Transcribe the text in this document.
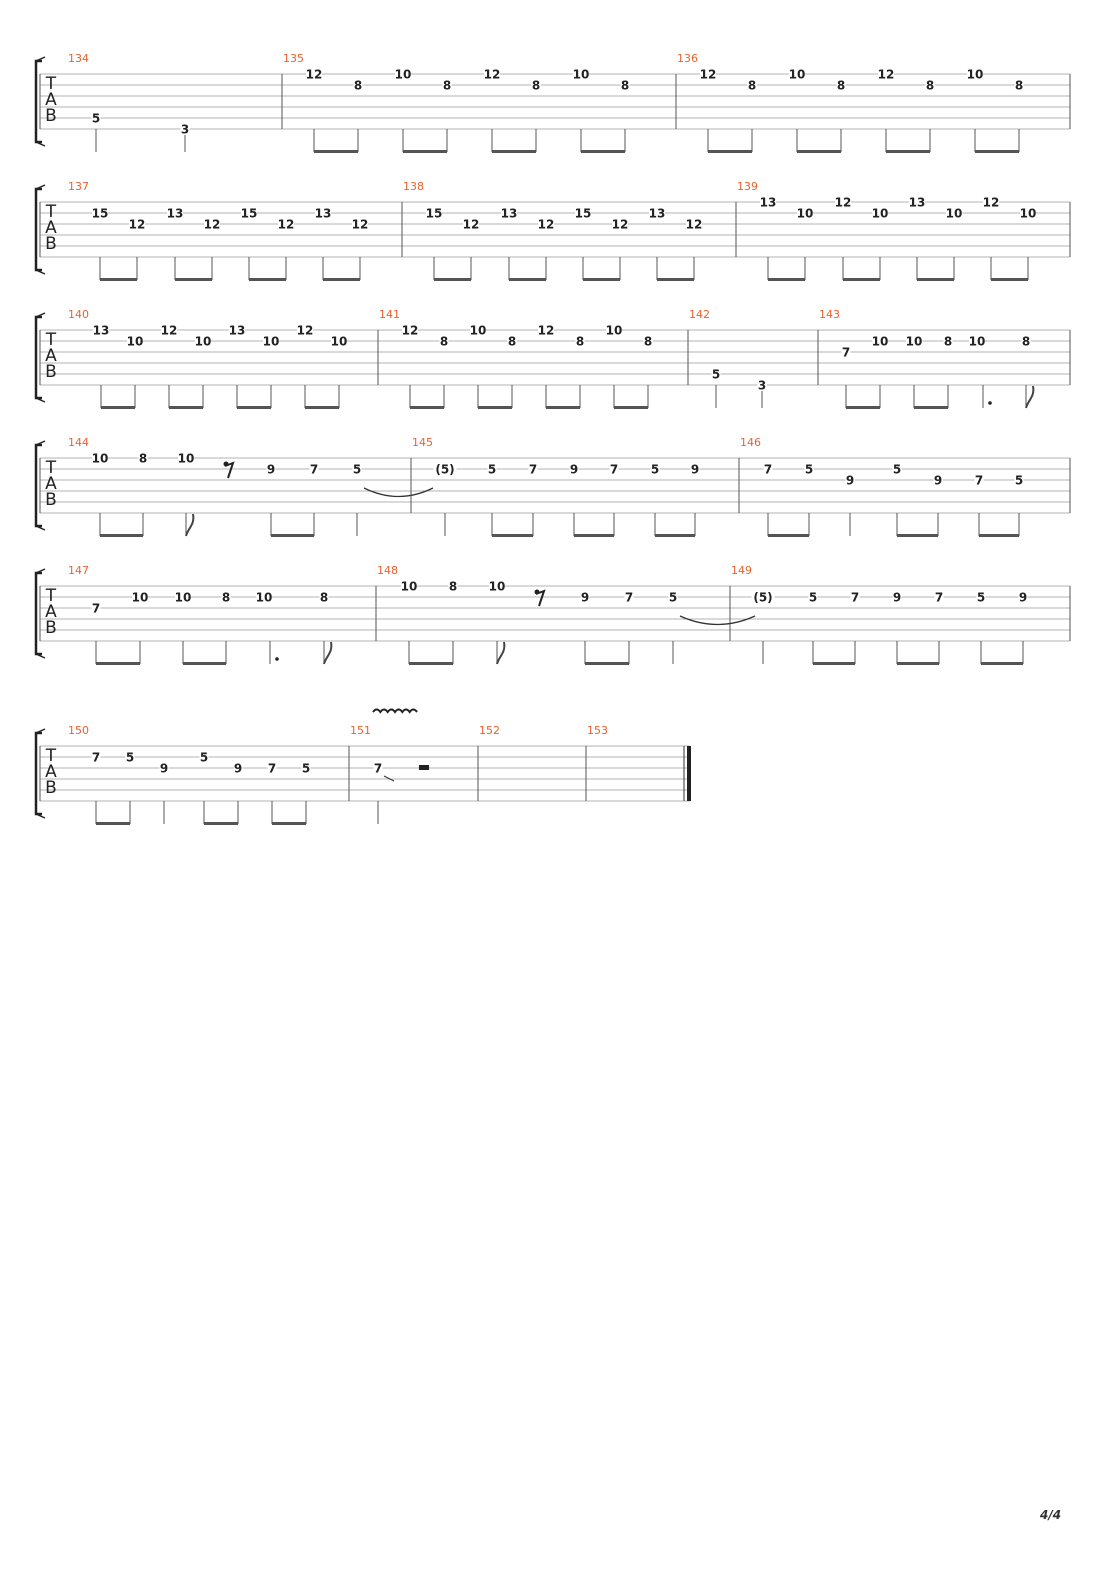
T
A
B
134
5
3
135
12
8
10
8
12
8
10
8
136
12
8
10
8
12
8
10
8
T
A
B
137
15
12
13
12
15
12
13
12
138
15
12
13
12
15
12
13
12
139
13
10
12
10
13
10
12
10
T
A
B
140
13
10
12
10
13
10
12
10
141
12
8
10
8
12
8
10
8
142
5
3
143
7
10 10 8 10	8
T
A
B
144
10	8	10
9	7	5
145
(5)	5	7	9	7	5	9
146
7	5
9
5
9	7	5
T
A
B
147
7
10 10	8 10	8
148
10	8	10
9	7	5
149
(5)	5	7	9	7	5	9
T
A
B
150
7 5
9
5
9 7 5
151
7
152	153
4/4
